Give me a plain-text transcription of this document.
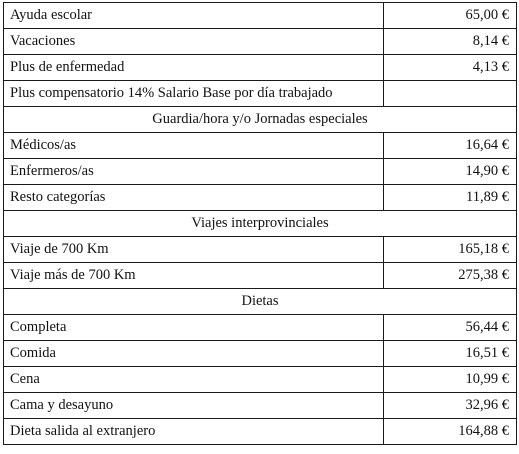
Ayuda escolar	65,00 €
Vacaciones	8,14 €
Plus de enfermedad	4,13 €
Plus compensatorio 14% Salario Base por día trabajado	
Guardia/hora y/o Jornadas especiales	
Médicos/as	16,64 €
Enfermeros/as	14,90 €
Resto categorías	11,89 €
Viajes interprovinciales	
Viaje de 700 Km	165,18 €
Viaje más de 700 Km	275,38 €
Dietas	
Completa	56,44 €
Comida	16,51 €
Cena	10,99 €
Cama y desayuno	32,96 €
Dieta salida al extranjero	164,88 €
